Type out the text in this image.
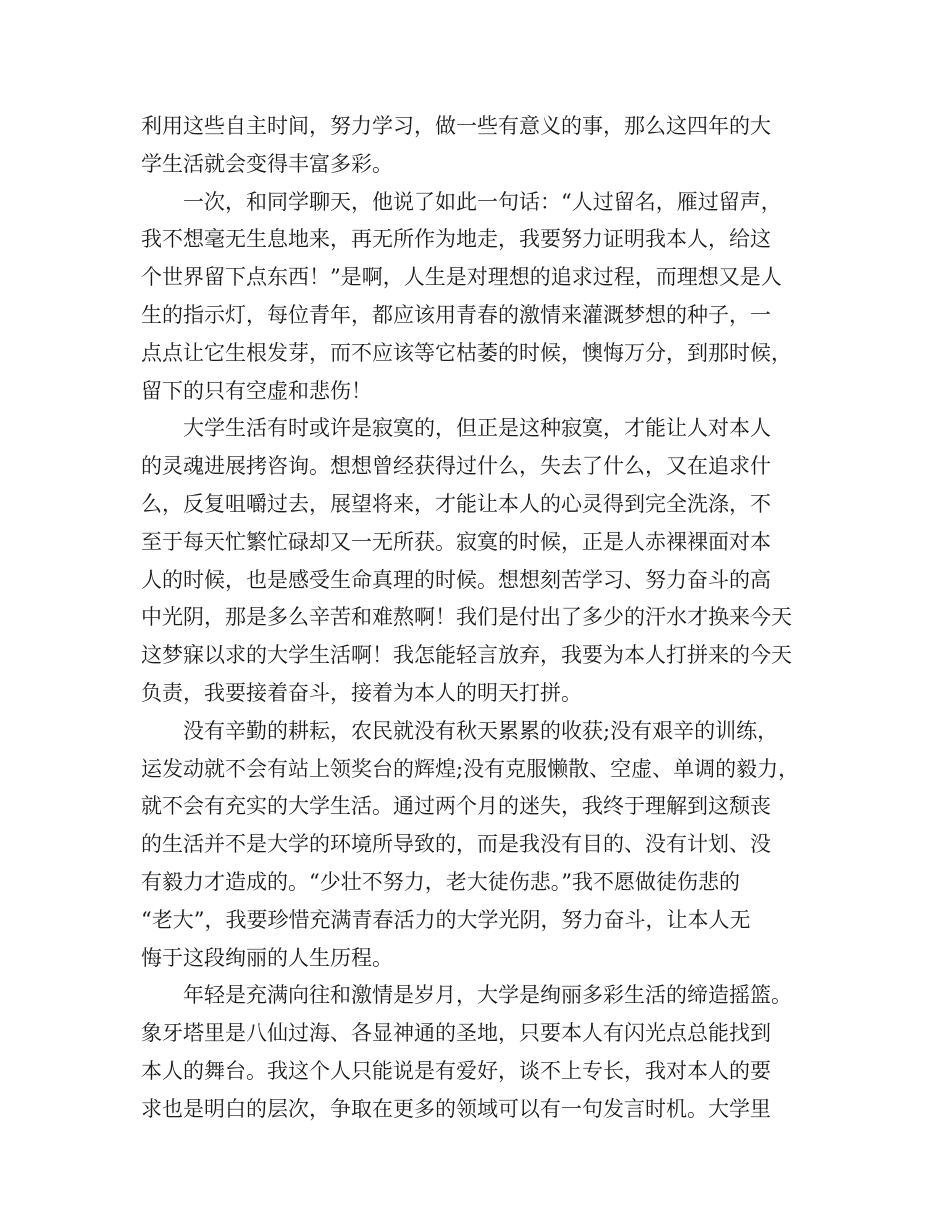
利用这些自主时间，努力学习，做一些有意义的事，那么这四年的大
学生活就会变得丰富多彩。

一次，和同学聊天，他说了如此一句话：“人过留名，雁过留声，
我不想毫无生息地来，再无所作为地走，我要努力证明我本人，给这
个世界留下点东西！”是啊，人生是对理想的追求过程，而理想又是人
生的指示灯，每位青年，都应该用青春的激情来灌溉梦想的种子，一
点点让它生根发芽，而不应该等它枯萎的时候，懊悔万分，到那时候，
留下的只有空虚和悲伤！

大学生活有时或许是寂寞的，但正是这种寂寞，才能让人对本人
的灵魂进展拷咨询。想想曾经获得过什么，失去了什么，又在追求什
么，反复咀嚼过去，展望将来，才能让本人的心灵得到完全洗涤，不
至于每天忙繁忙碌却又一无所获。寂寞的时候，正是人赤裸裸面对本
人的时候，也是感受生命真理的时候。想想刻苦学习、努力奋斗的高
中光阴，那是多么辛苦和难熬啊！我们是付出了多少的汗水才换来今天
这梦寐以求的大学生活啊！我怎能轻言放弃，我要为本人打拼来的今天
负责，我要接着奋斗，接着为本人的明天打拼。

没有辛勤的耕耘，农民就没有秋天累累的收获;没有艰辛的训练，
运发动就不会有站上领奖台的辉煌;没有克服懒散、空虚、单调的毅力，
就不会有充实的大学生活。通过两个月的迷失，我终于理解到这颓丧
的生活并不是大学的环境所导致的，而是我没有目的、没有计划、没
有毅力才造成的。“少壮不努力，老大徒伤悲。”我不愿做徒伤悲的
“老大”，我要珍惜充满青春活力的大学光阴，努力奋斗，让本人无
悔于这段绚丽的人生历程。

年轻是充满向往和激情是岁月，大学是绚丽多彩生活的缔造摇篮。
象牙塔里是八仙过海、各显神通的圣地，只要本人有闪光点总能找到
本人的舞台。我这个人只能说是有爱好，谈不上专长，我对本人的要
求也是明白的层次，争取在更多的领域可以有一句发言时机。大学里
